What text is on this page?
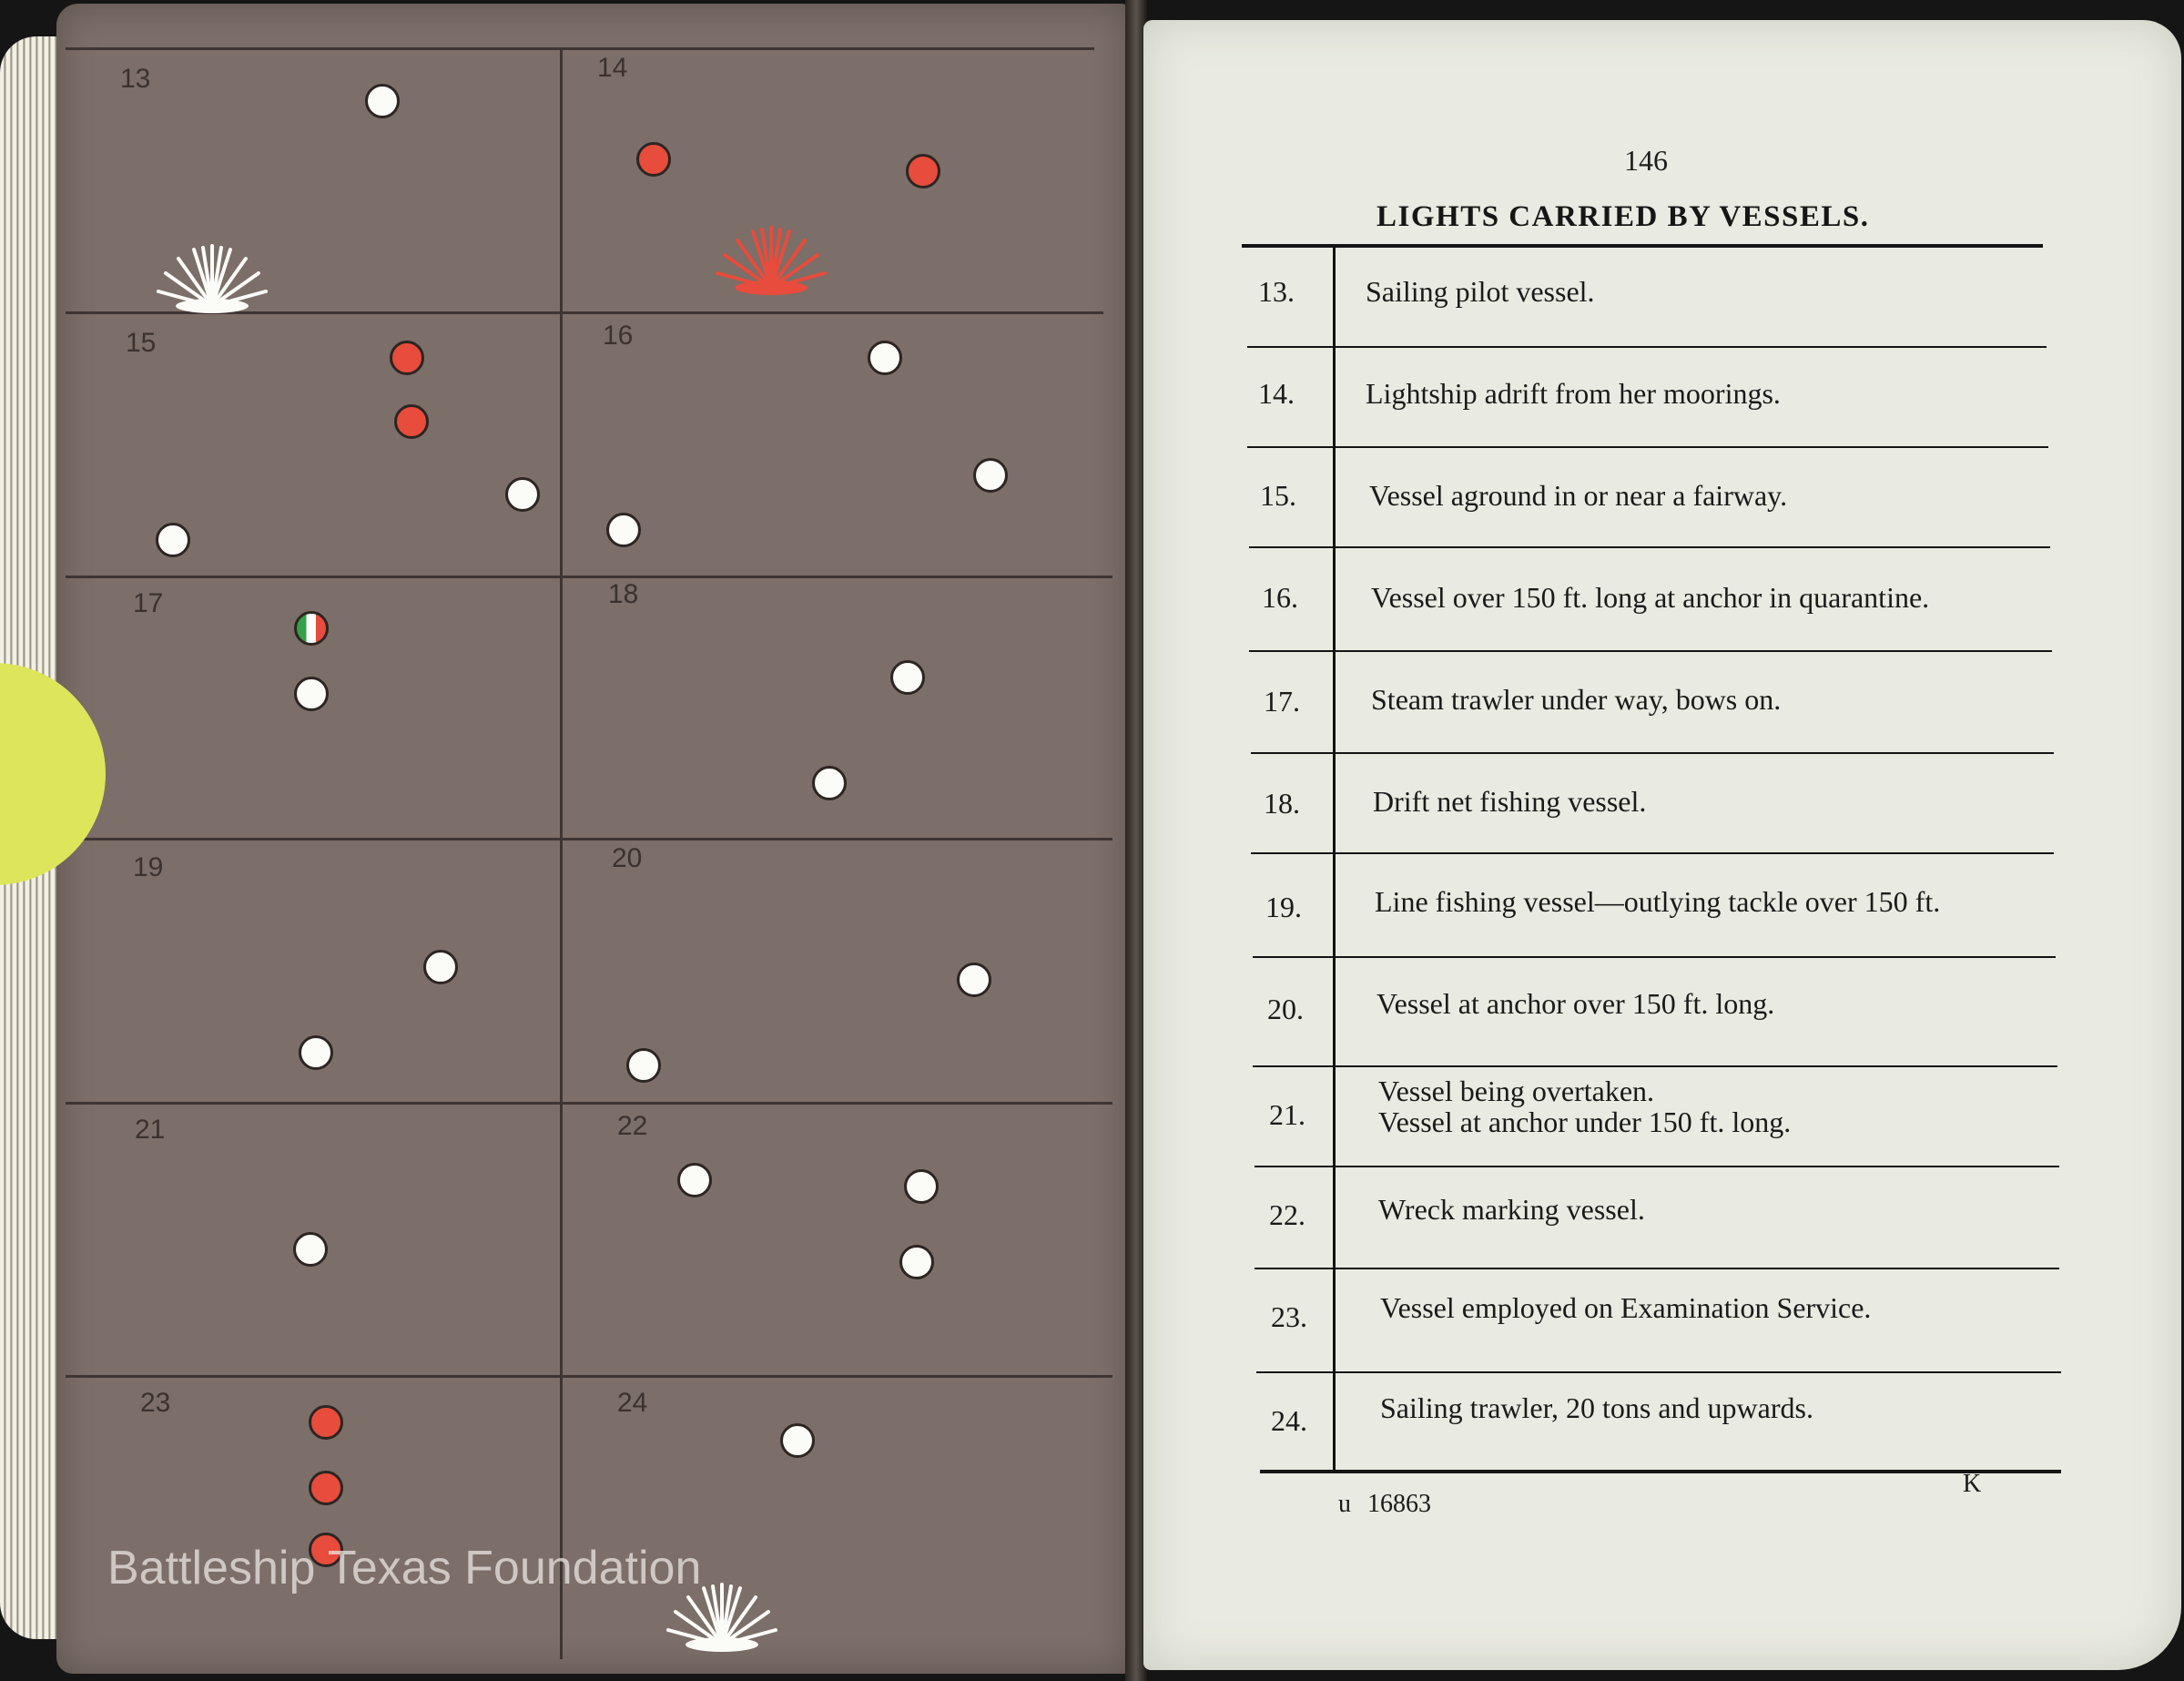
13	14
15	16
17	18
19	20
21	22
23	24
146
LIGHTS CARRIED BY VESSELS.
13. Sailing pilot vessel.
14. Lightship adrift from her moorings.
15.	Vessel aground in or near a fairway.
16.	Vessel over 150 ft. long at anchor in quarantine.
17. Steam trawler under way, bows on.
18.	Drift net fishing vessel.
19.	Line fishing vessel—outlying tackle over 150 ft.
20.	Vessel at anchor over 150 ft. long.
21.
Vessel being overtaken.
Vessel at anchor under 150 ft. long.
22.	Wreck marking vessel.
23.	Vessel employed on Examination Service.
24.	Sailing trawler, 20 tons and upwards.
u 16863
K
Battleship Texas Foundation
